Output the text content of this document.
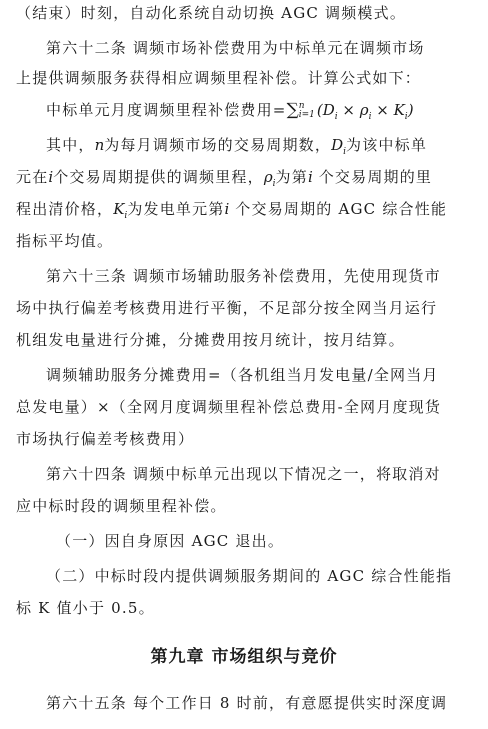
（结束）时刻，自动化系统自动切换 AGC 调频模式。
第六十二条 调频市场补偿费用为中标单元在调频市场
上提供调频服务获得相应调频里程补偿。计算公式如下：
中标单元月度调频里程补偿费用=∑ n
i=1 $(D_i \times \rho_i \times K_i)$
其中，n为每月调频市场的交易周期数，$D_i$为该中标单
元在i个交易周期提供的调频里程，$\rho_i$为第i 个交易周期的里
程出清价格，$K_i$为发电单元第i 个交易周期的 AGC 综合性能
指标平均值。
第六十三条 调频市场辅助服务补偿费用，先使用现货市
场中执行偏差考核费用进行平衡，不足部分按全网当月运行
机组发电量进行分摊，分摊费用按月统计，按月结算。
调频辅助服务分摊费用=（各机组当月发电量/全网当月
总发电量）×（全网月度调频里程补偿总费用-全网月度现货
市场执行偏差考核费用）
第六十四条 调频中标单元出现以下情况之一，将取消对
应中标时段的调频里程补偿。
（一）因自身原因 AGC 退出。
（二）中标时段内提供调频服务期间的 AGC 综合性能指
标 K 值小于 0.5。
第九章 市场组织与竞价
第六十五条 每个工作日 8 时前，有意愿提供实时深度调
